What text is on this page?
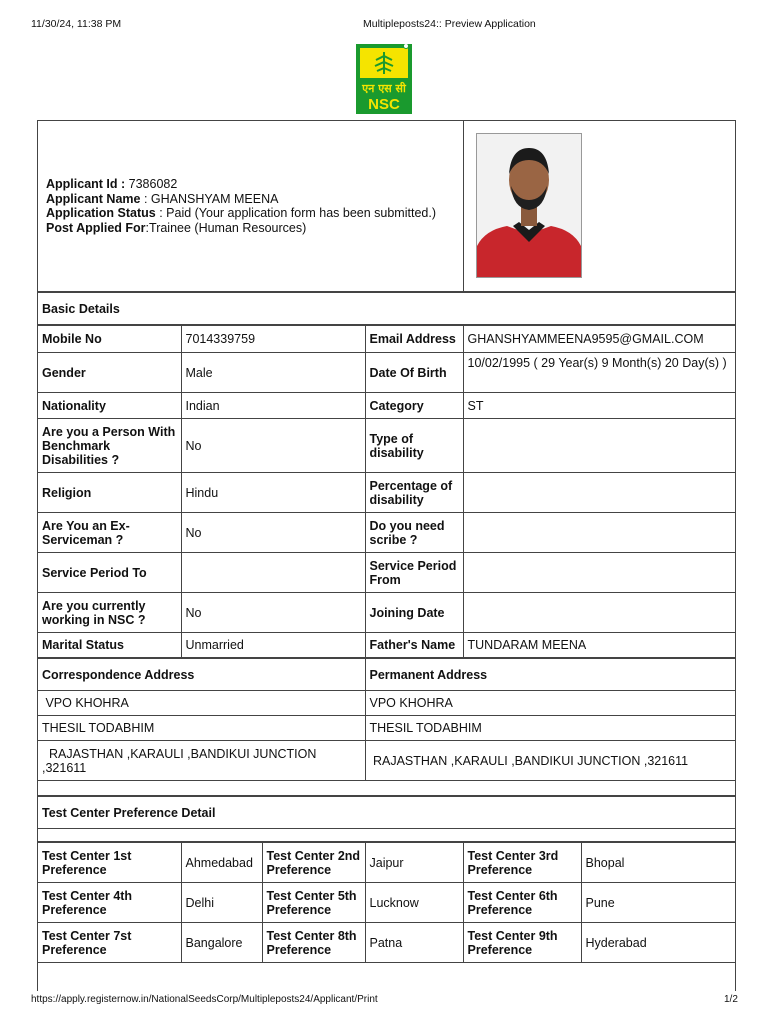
11/30/24, 11:38 PM	Multipleposts24:: Preview Application
एन एस सी
NSC
Applicant Id : 7386082
Applicant Name : GHANSHYAM MEENA
Application Status : Paid (Your application form has been submitted.)
Post Applied For:Trainee (Human Resources)

Basic Details
Mobile No	7014339759	Email Address	GHANSHYAMMEENA9595@GMAIL.COM
Gender	Male	Date Of Birth	10/02/1995 ( 29 Year(s) 9 Month(s) 20 Day(s) )
Nationality	Indian	Category	ST
Are you a Person With Benchmark Disabilities ?	No	Type of disability	
Religion	Hindu	Percentage of disability	
Are You an Ex-Serviceman ?	No	Do you need scribe ?	
Service Period To		Service Period From	
Are you currently working in NSC ?	No	Joining Date	
Marital Status	Unmarried	Father's Name	TUNDARAM MEENA
Correspondence Address	Permanent Address
VPO KHOHRA	VPO KHOHRA
THESIL TODABHIM	THESIL TODABHIM
RAJASTHAN ,KARAULI ,BANDIKUI JUNCTION ,321611	RAJASTHAN ,KARAULI ,BANDIKUI JUNCTION ,321611

Test Center Preference Detail

Test Center 1st Preference	Ahmedabad	Test Center 2nd Preference	Jaipur	Test Center 3rd Preference	Bhopal
Test Center 4th Preference	Delhi	Test Center 5th Preference	Lucknow	Test Center 6th Preference	Pune
Test Center 7st Preference	Bangalore	Test Center 8th Preference	Patna	Test Center 9th Preference	Hyderabad
https://apply.registernow.in/NationalSeedsCorp/Multipleposts24/Applicant/Print	1/2
